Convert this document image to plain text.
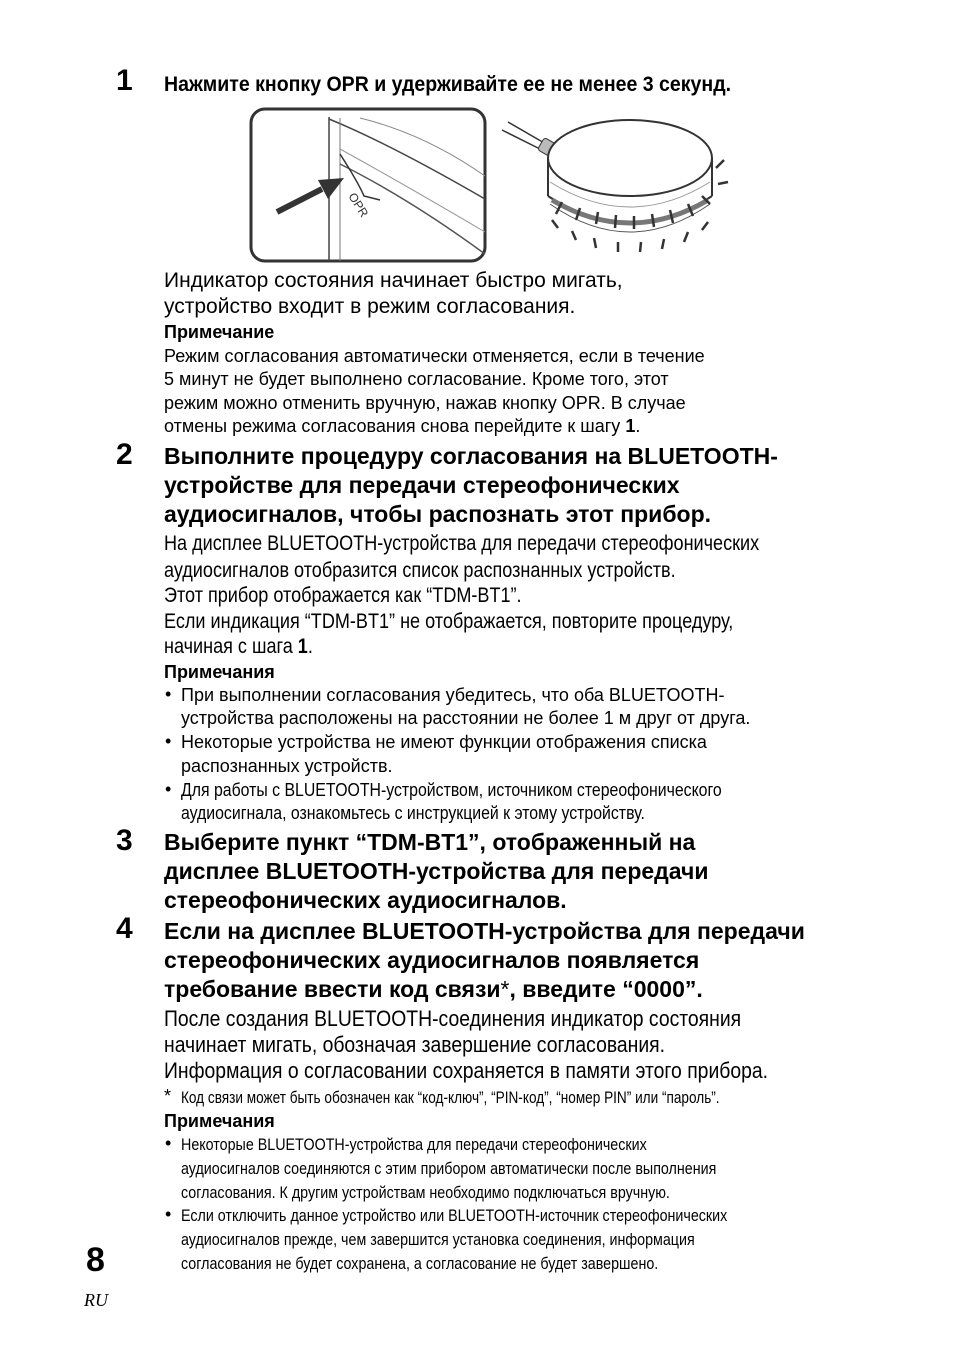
1 Нажмите кнопку OPR и удерживайте ее не менее 3 секунд.
OPR
Индикатор состояния начинает быстро мигать,
устройство входит в режим согласования.
Примечание
Режим согласования автоматически отменяется, если в течение
5 минут не будет выполнено согласование. Кроме того, этот
режим можно отменить вручную, нажав кнопку OPR. В случае
отмены режима согласования снова перейдите к шагу 1.
2 Выполните процедуру согласования на BLUETOOTH-
устройстве для передачи стереофонических
аудиосигналов, чтобы распознать этот прибор.
На дисплее BLUETOOTH-устройства для передачи стереофонических
аудиосигналов отобразится список распознанных устройств.
Этот прибор отображается как “TDM-BT1”.
Если индикация “TDM-BT1” не отображается, повторите процедуру,
начиная с шага 1.
Примечания
• При выполнении согласования убедитесь, что оба BLUETOOTH-
устройства расположены на расстоянии не более 1 м друг от друга.
• Некоторые устройства не имеют функции отображения списка
распознанных устройств.
• Для работы с BLUETOOTH-устройством, источником стереофонического
аудиосигнала, ознакомьтесь с инструкцией к этому устройству.
3 Выберите пункт “TDM-BT1”, отображенный на
дисплее BLUETOOTH-устройства для передачи
стереофонических аудиосигналов.
4 Если на дисплее BLUETOOTH-устройства для передачи
стереофонических аудиосигналов появляется
требование ввести код связи*, введите “0000”.
После создания BLUETOOTH-соединения индикатор состояния
начинает мигать, обозначая завершение согласования.
Информация о согласовании сохраняется в памяти этого прибора.
* Код связи может быть обозначен как “код-ключ”, “PIN-код”, “номер PIN” или “пароль”.
Примечания
• Некоторые BLUETOOTH-устройства для передачи стереофонических
аудиосигналов соединяются с этим прибором автоматически после выполнения
согласования. К другим устройствам необходимо подключаться вручную.
• Если отключить данное устройство или BLUETOOTH-источник стереофонических
аудиосигналов прежде, чем завершится установка соединения, информация
согласования не будет сохранена, а согласование не будет завершено.
8
RU
